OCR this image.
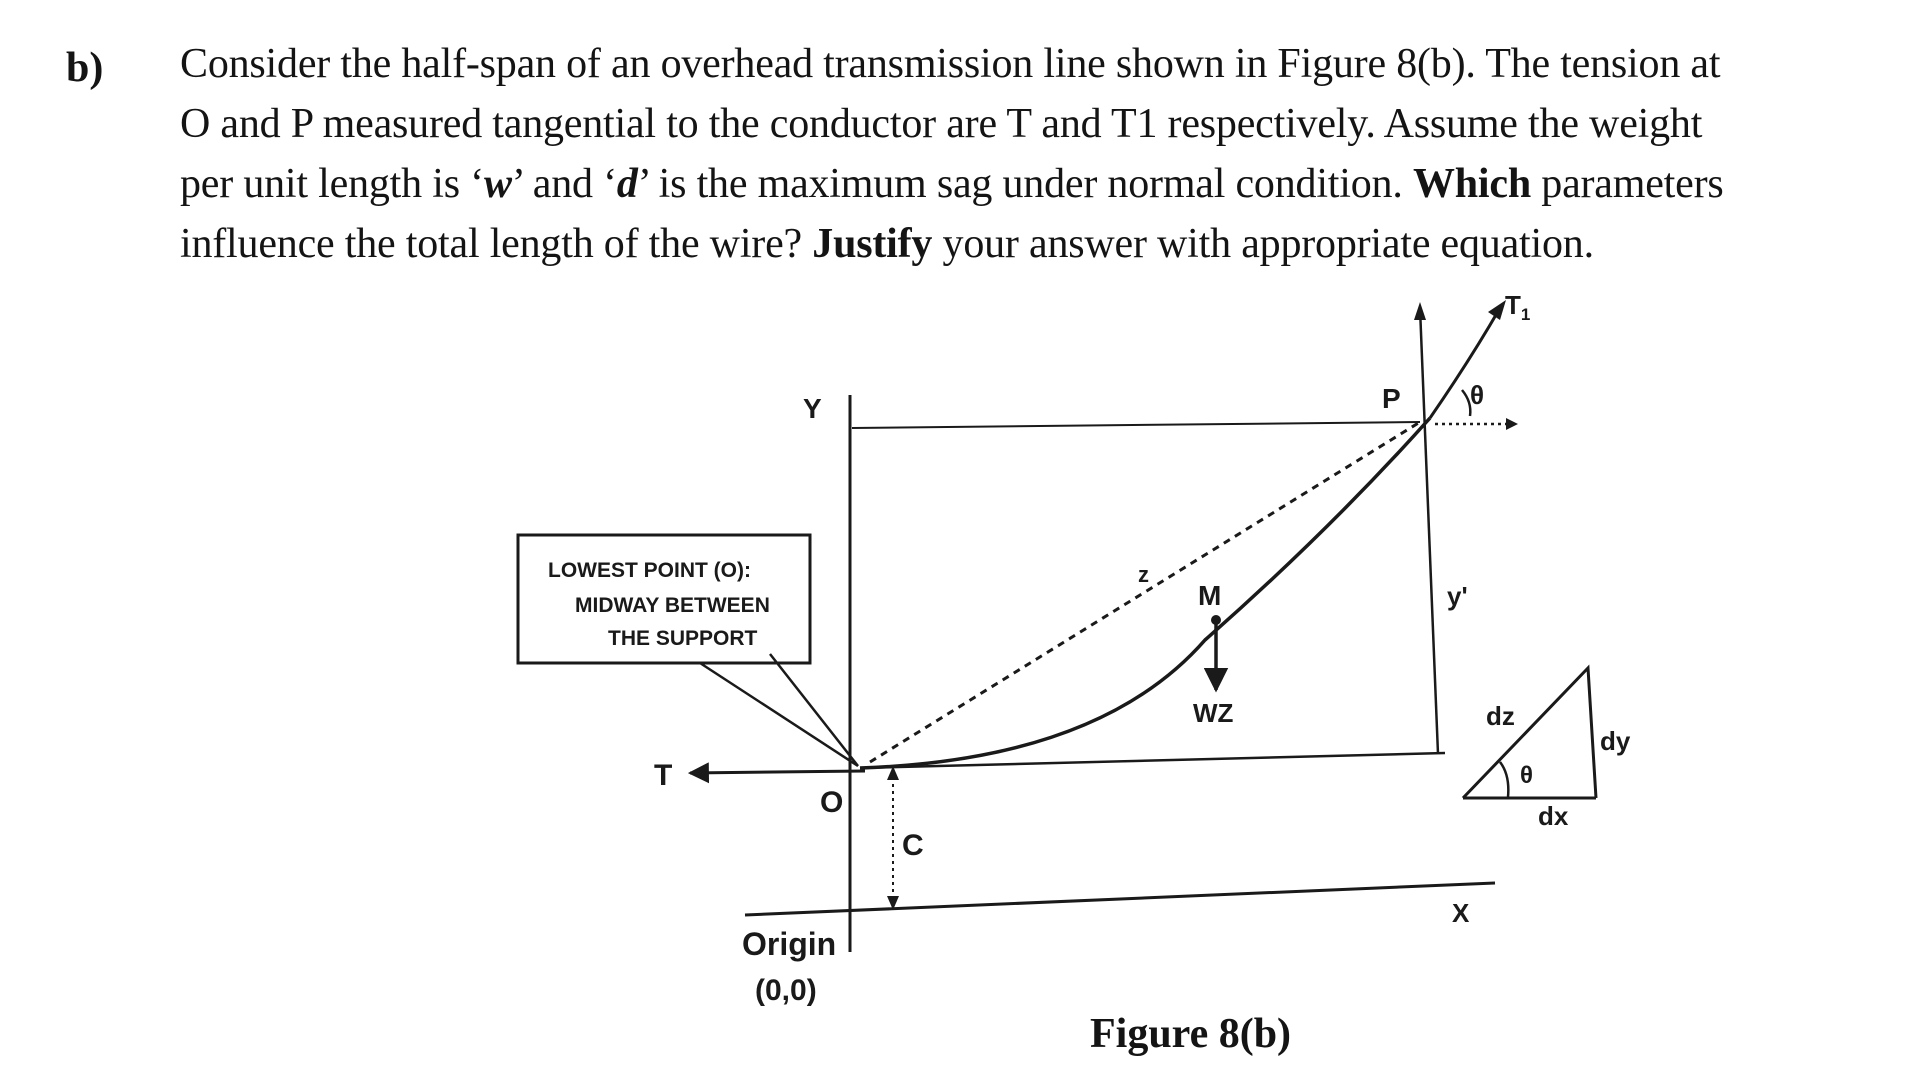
b) Consider the half-span of an overhead transmission line shown in Figure 8(b). The tension at
O and P measured tangential to the conductor are T and T1 respectively. Assume the weight
per unit length is ‘w’ and ‘d’ is the maximum sag under normal condition. Which parameters
influence the total length of the wire? Justify your answer with appropriate equation.
X
Y
T
O
θ
P
$T_1$
z
M
WZ
y'
C
Origin
(0,0)
LOWEST POINT (O):
MIDWAY BETWEEN
THE SUPPORT
θ
dz
dy
dx
Figure 8(b)
